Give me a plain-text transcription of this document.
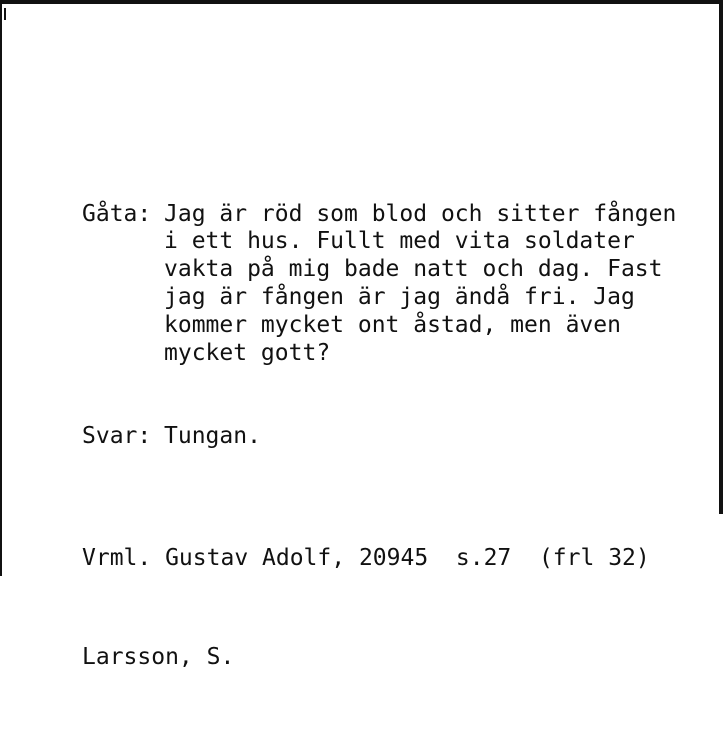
Gåta: Jag är röd som blod och sitter fången
i ett hus. Fullt med vita soldater
vakta på mig bade natt och dag. Fast
jag är fången är jag ändå fri. Jag
kommer mycket ont åstad, men även
mycket gott?

Svar: Tungan.

Vrml. Gustav Adolf, 20945  s.27  (frl 32)

Larsson, S.
